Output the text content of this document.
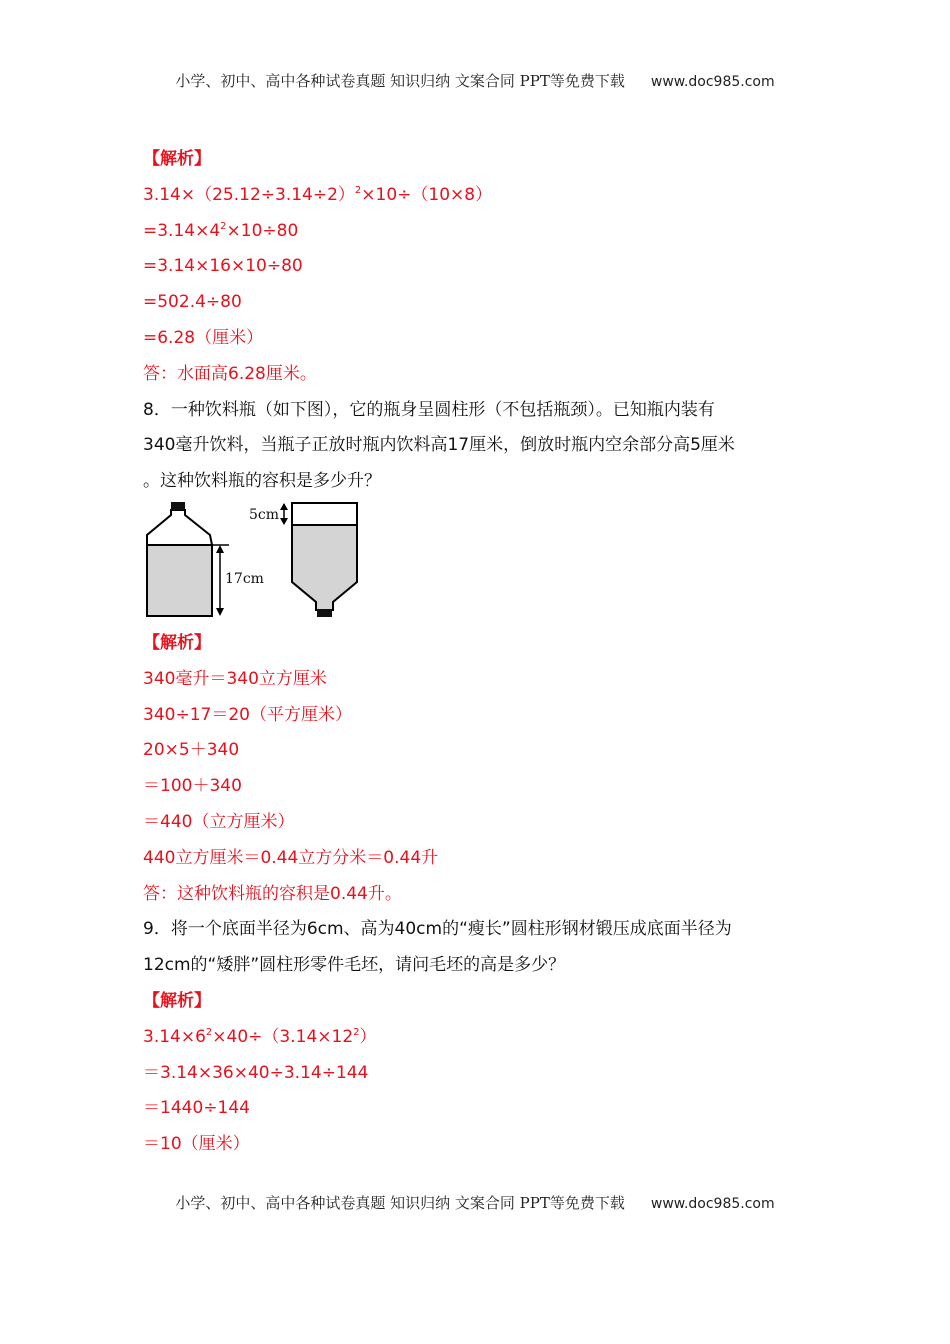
小学、初中、高中各种试卷真题 知识归纳 文案合同 PPT等免费下载 www.doc985.com
【解析】
$3.14\times(25.12\div 3.14\div 2)^2\times 10\div(10\times 8)$
$=3.14\times 4^2\times 10\div 80$
=3.14×16×10÷80
=502.4÷80
=6.28（厘米）
答：水面高6.28厘米。
8．一种饮料瓶（如下图），它的瓶身呈圆柱形（不包括瓶颈）。已知瓶内装有
340毫升饮料，当瓶子正放时瓶内饮料高17厘米，倒放时瓶内空余部分高5厘米
。这种饮料瓶的容积是多少升？
17cm
5cm
【解析】
340毫升＝340立方厘米
340÷17＝20（平方厘米）
20×5＋340
＝100＋340
＝440（立方厘米）
440立方厘米＝0.44立方分米＝0.44升
答：这种饮料瓶的容积是0.44升。
9．将一个底面半径为6cm、高为40cm的“瘦长”圆柱形钢材锻压成底面半径为
12cm的“矮胖”圆柱形零件毛坯，请问毛坯的高是多少？
【解析】
$3.14\times 6^2\times 40\div(3.14\times 12^2)$
＝3.14×36×40÷3.14÷144
＝1440÷144
＝10（厘米）
小学、初中、高中各种试卷真题 知识归纳 文案合同 PPT等免费下载 www.doc985.com
